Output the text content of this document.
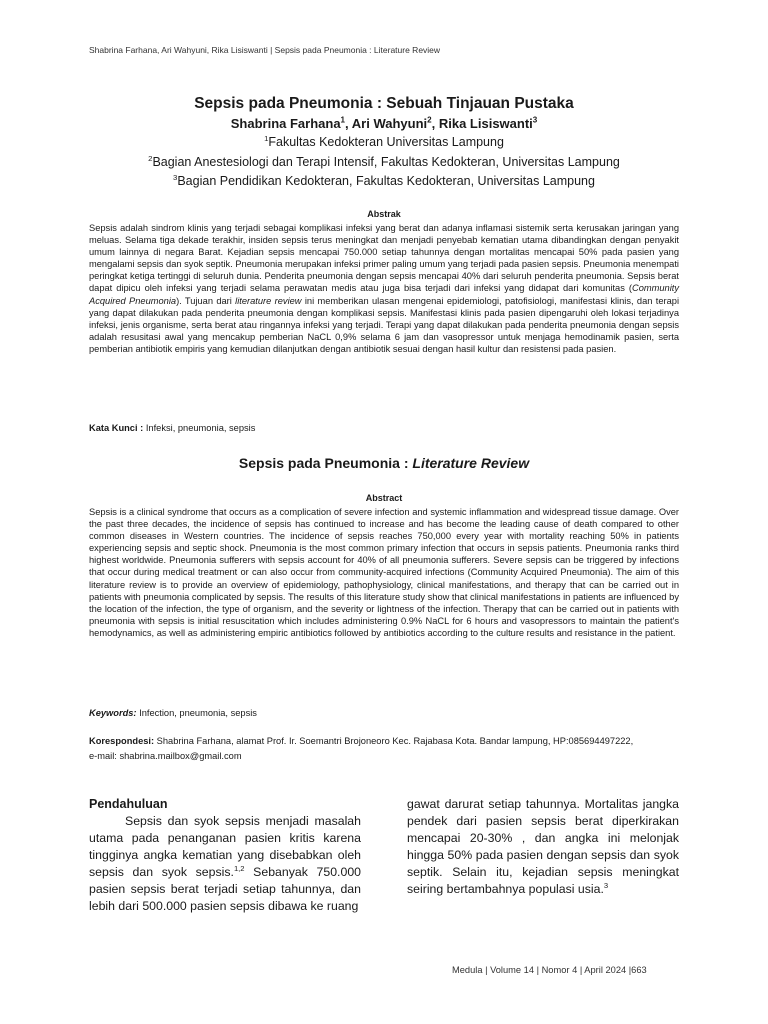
Shabrina Farhana, Ari Wahyuni, Rika Lisiswanti | Sepsis pada Pneumonia : Literature Review

Sepsis pada Pneumonia : Sebuah Tinjauan Pustaka

Shabrina Farhana$^1$, Ari Wahyuni$^2$, Rika Lisiswanti$^3$

$^1$Fakultas Kedokteran Universitas Lampung

$^2$Bagian Anestesiologi dan Terapi Intensif, Fakultas Kedokteran, Universitas Lampung

$^3$Bagian Pendidikan Kedokteran, Fakultas Kedokteran, Universitas Lampung

Abstrak

Sepsis adalah sindrom klinis yang terjadi sebagai komplikasi infeksi yang berat dan adanya inflamasi sistemik serta kerusakan jaringan yang meluas. Selama tiga dekade terakhir, insiden sepsis terus meningkat dan menjadi penyebab kematian utama dibandingkan dengan penyakit umum lainnya di negara Barat. Kejadian sepsis mencapai 750.000 setiap tahunnya dengan mortalitas mencapai 50% pada pasien yang mengalami sepsis dan syok septik. Pneumonia merupakan infeksi primer paling umum yang terjadi pada pasien sepsis. Pneumonia menempati peringkat ketiga tertinggi di seluruh dunia. Penderita pneumonia dengan sepsis mencapai 40% dari seluruh penderita pneumonia. Sepsis berat dapat dipicu oleh infeksi yang terjadi selama perawatan medis atau juga bisa terjadi dari infeksi yang didapat dari komunitas (Community Acquired Pneumonia). Tujuan dari literature review ini memberikan ulasan mengenai epidemiologi, patofisiologi, manifestasi klinis, dan terapi yang dapat dilakukan pada penderita pneumonia dengan komplikasi sepsis. Manifestasi klinis pada pasien dipengaruhi oleh lokasi terjadinya infeksi, jenis organisme, serta berat atau ringannya infeksi yang terjadi. Terapi yang dapat dilakukan pada penderita pneumonia dengan sepsis adalah resusitasi awal yang mencakup pemberian NaCL 0,9% selama 6 jam dan vasopressor untuk menjaga hemodinamik pasien, serta pemberian antibiotik empiris yang kemudian dilanjutkan dengan antibiotik sesuai dengan hasil kultur dan resistensi pada pasien.

Kata Kunci : Infeksi, pneumonia, sepsis

Sepsis pada Pneumonia : Literature Review

Abstract

Sepsis is a clinical syndrome that occurs as a complication of severe infection and systemic inflammation and widespread tissue damage. Over the past three decades, the incidence of sepsis has continued to increase and has become the leading cause of death compared to other common diseases in Western countries. The incidence of sepsis reaches 750,000 every year with mortality reaching 50% in patients experiencing sepsis and septic shock. Pneumonia is the most common primary infection that occurs in sepsis patients. Pneumonia ranks third highest worldwide. Pneumonia sufferers with sepsis account for 40% of all pneumonia sufferers. Severe sepsis can be triggered by infections that occur during medical treatment or can also occur from community-acquired infections (Community Acquired Pneumonia). The aim of this literature review is to provide an overview of epidemiology, pathophysiology, clinical manifestations, and therapy that can be carried out in patients with pneumonia complicated by sepsis. The results of this literature study show that clinical manifestations in patients are influenced by the location of the infection, the type of organism, and the severity or lightness of the infection. Therapy that can be carried out in patients with pneumonia with sepsis is initial resuscitation which includes administering 0.9% NaCL for 6 hours and vasopressors to maintain the patient's hemodynamics, as well as administering empiric antibiotics followed by antibiotics according to the culture results and resistance in the patient.

Keywords: Infection, pneumonia, sepsis
Korespondesi: Shabrina Farhana, alamat Prof. Ir. Soemantri Brojoneoro Kec. Rajabasa Kota. Bandar lampung, HP:085694497222,
e-mail: shabrina.mailbox@gmail.com

Pendahuluan

Sepsis dan syok sepsis menjadi masalah utama pada penanganan pasien kritis karena tingginya angka kematian yang disebabkan oleh sepsis dan syok sepsis.$^{1,2}$ Sebanyak 750.000 pasien sepsis berat terjadi setiap tahunnya, dan lebih dari 500.000 pasien sepsis dibawa ke ruang

gawat darurat setiap tahunnya. Mortalitas jangka pendek dari pasien sepsis berat diperkirakan mencapai 20-30% , dan angka ini melonjak hingga 50% pada pasien dengan sepsis dan syok septik. Selain itu, kejadian sepsis meningkat seiring bertambahnya populasi usia.$^3$

Medula | Volume 14 | Nomor 4 | April 2024 |663
